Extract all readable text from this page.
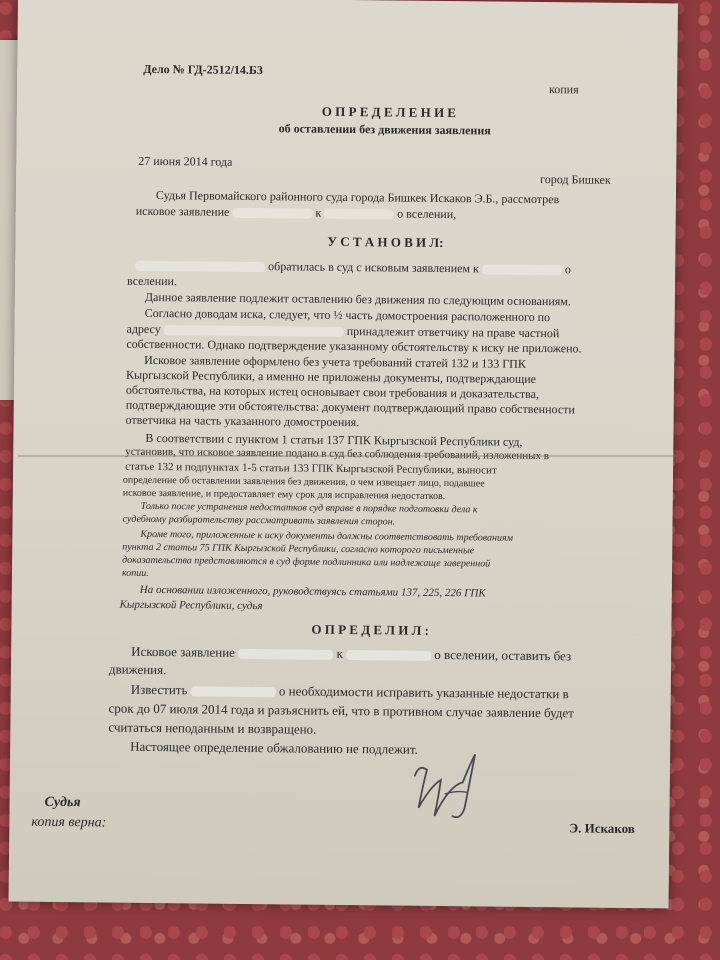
Дело № ГД-2512/14.Б3
копия
О П Р Е Д Е Л Е Н И Е
об оставлении без движения заявления
27 июня 2014 года
город Бишкек
Судья Первомайского районного суда города Бишкек Искаков Э.Б., рассмотрев
исковое заявление	к	о вселении,
У С Т А Н О В И Л:
обратилась в суд с исковым заявлением к	о
вселении.
Данное заявление подлежит оставлению без движения по следующим основаниям.
Согласно доводам иска, следует, что ½ часть домостроения расположенного по
адресу	принадлежит ответчику на праве частной
собственности. Однако подтверждение указанному обстоятельству к иску не приложено.
Исковое заявление оформлено без учета требований статей 132 и 133 ГПК
Кыргызской Республики, а именно не приложены документы, подтверждающие
обстоятельства, на которых истец основывает свои требования и доказательства,
подтверждающие эти обстоятельства: документ подтверждающий право собственности
ответчика на часть указанного домостроения.
В соответствии с пунктом 1 статьи 137 ГПК Кыргызской Республики суд,
установив, что исковое заявление подано в суд без соблюдения требований, изложенных в
статье 132 и подпунктах 1-5 статьи 133 ГПК Кыргызской Республики, выносит
определение об оставлении заявления без движения, о чем извещает лицо, подавшее
исковое заявление, и предоставляет ему срок для исправления недостатков.
Только после устранения недостатков суд вправе в порядке подготовки дела к
судебному разбирательству рассматривать заявления сторон.
Кроме того, приложенные к иску документы должны соответствовать требованиям
пункта 2 статьи 75 ГПК Кыргызской Республики, согласно которого письменные
доказательства представляются в суд форме подлинника или надлежаще заверенной
копии.
На основании изложенного, руководствуясь статьями 137, 225, 226 ГПК
Кыргызской Республики, судья
О П Р Е Д Е Л И Л :
Исковое заявление	к	о вселении, оставить без
движения.
Известить	о необходимости исправить указанные недостатки в
срок до 07 июля 2014 года и разъяснить ей, что в противном случае заявление будет
считаться неподанным и возвращено.
Настоящее определение обжалованию не подлежит.
Судья
копия верна:	Э. Искаков
